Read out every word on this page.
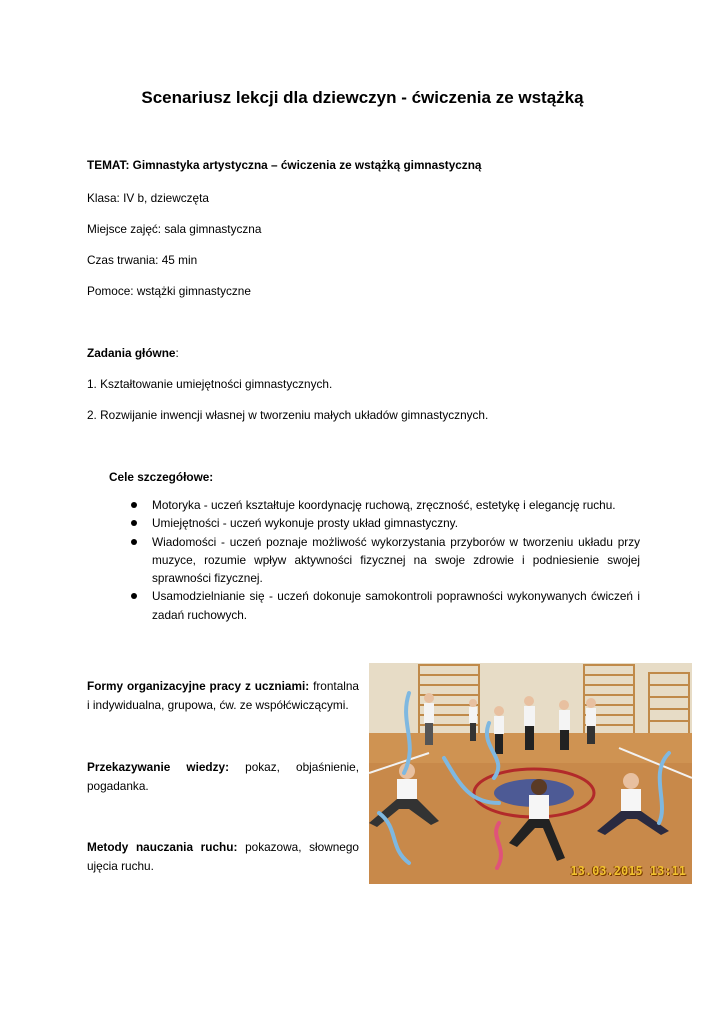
Scenariusz lekcji dla dziewczyn - ćwiczenia ze wstążką

TEMAT: Gimnastyka artystyczna – ćwiczenia ze wstążką gimnastyczną

Klasa: IV b, dziewczęta

Miejsce zajęć: sala gimnastyczna

Czas trwania: 45 min

Pomoce: wstążki gimnastyczne

Zadania główne:

1. Kształtowanie umiejętności gimnastycznych.

2. Rozwijanie inwencji własnej w tworzeniu małych układów gimnastycznych.

Cele szczegółowe:
Motoryka - uczeń kształtuje koordynację ruchową, zręczność, estetykę i elegancję ruchu.
Umiejętności - uczeń wykonuje prosty układ gimnastyczny.
Wiadomości - uczeń poznaje możliwość wykorzystania przyborów w tworzeniu układu przy muzyce, rozumie wpływ aktywności fizycznej na swoje zdrowie i podniesienie swojej sprawności fizycznej.
Usamodzielnianie się - uczeń dokonuje samokontroli poprawności wykonywanych ćwiczeń i zadań ruchowych.

Formy organizacyjne pracy z uczniami: frontalna i indywidualna, grupowa, ćw. ze współćwiczącymi.

Przekazywanie wiedzy: pokaz, objaśnienie, pogadanka.

Metody nauczania ruchu: pokazowa, słownego ujęcia ruchu.	13.03.2015 13:11
